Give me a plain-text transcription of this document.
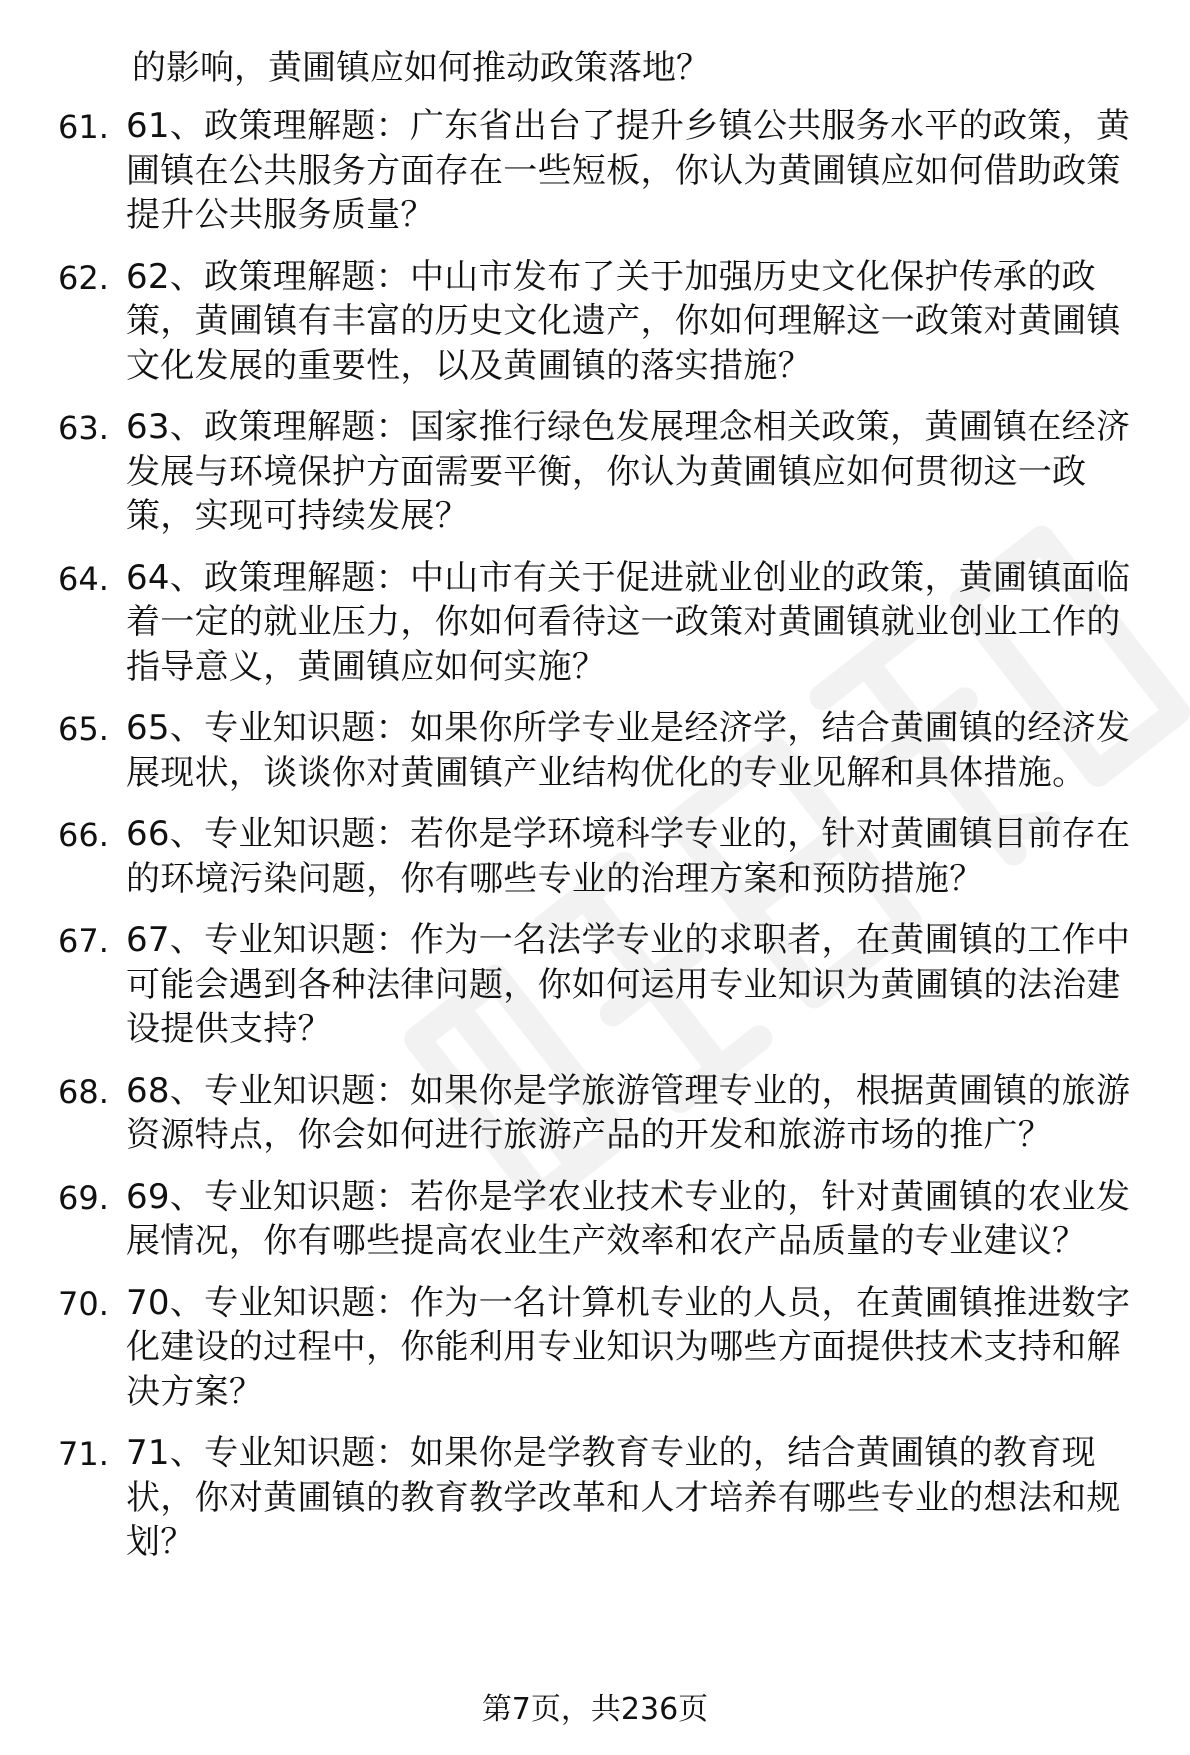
的影响，黄圃镇应如何推动政策落地？

61. 61、政策理解题：广东省出台了提升乡镇公共服务水平的政策，黄圃镇在公共服务方面存在一些短板，你认为黄圃镇应如何借助政策提升公共服务质量？
62. 62、政策理解题：中山市发布了关于加强历史文化保护传承的政策，黄圃镇有丰富的历史文化遗产，你如何理解这一政策对黄圃镇文化发展的重要性，以及黄圃镇的落实措施？
63. 63、政策理解题：国家推行绿色发展理念相关政策，黄圃镇在经济发展与环境保护方面需要平衡，你认为黄圃镇应如何贯彻这一政策，实现可持续发展？
64. 64、政策理解题：中山市有关于促进就业创业的政策，黄圃镇面临着一定的就业压力，你如何看待这一政策对黄圃镇就业创业工作的指导意义，黄圃镇应如何实施？
65. 65、专业知识题：如果你所学专业是经济学，结合黄圃镇的经济发展现状，谈谈你对黄圃镇产业结构优化的专业见解和具体措施。
66. 66、专业知识题：若你是学环境科学专业的，针对黄圃镇目前存在的环境污染问题，你有哪些专业的治理方案和预防措施？
67. 67、专业知识题：作为一名法学专业的求职者，在黄圃镇的工作中可能会遇到各种法律问题，你如何运用专业知识为黄圃镇的法治建设提供支持？
68. 68、专业知识题：如果你是学旅游管理专业的，根据黄圃镇的旅游资源特点，你会如何进行旅游产品的开发和旅游市场的推广？
69. 69、专业知识题：若你是学农业技术专业的，针对黄圃镇的农业发展情况，你有哪些提高农业生产效率和农产品质量的专业建议？
70. 70、专业知识题：作为一名计算机专业的人员，在黄圃镇推进数字化建设的过程中，你能利用专业知识为哪些方面提供技术支持和解决方案？
71. 71、专业知识题：如果你是学教育专业的，结合黄圃镇的教育现状，你对黄圃镇的教育教学改革和人才培养有哪些专业的想法和规划？
第7页，共236页
